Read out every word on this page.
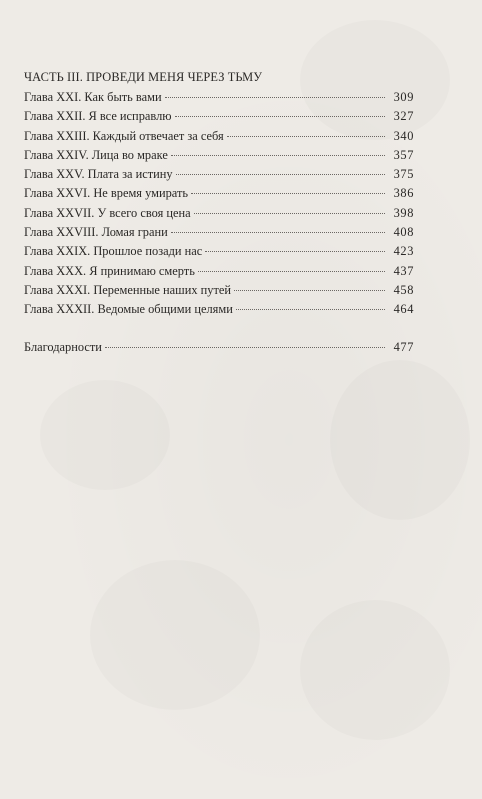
ЧАСТЬ III. ПРОВЕДИ МЕНЯ ЧЕРЕЗ ТЬМУ
Глава XXI. Как быть вами	309
Глава XXII. Я все исправлю	327
Глава XXIII. Каждый отвечает за себя	340
Глава XXIV. Лица во мраке	357
Глава XXV. Плата за истину	375
Глава XXVI. Не время умирать	386
Глава XXVII. У всего своя цена	398
Глава XXVIII. Ломая грани	408
Глава XXIX. Прошлое позади нас	423
Глава XXX. Я принимаю смерть	437
Глава XXXI. Переменные наших путей	458
Глава XXXII. Ведомые общими целями	464
Благодарности	477
